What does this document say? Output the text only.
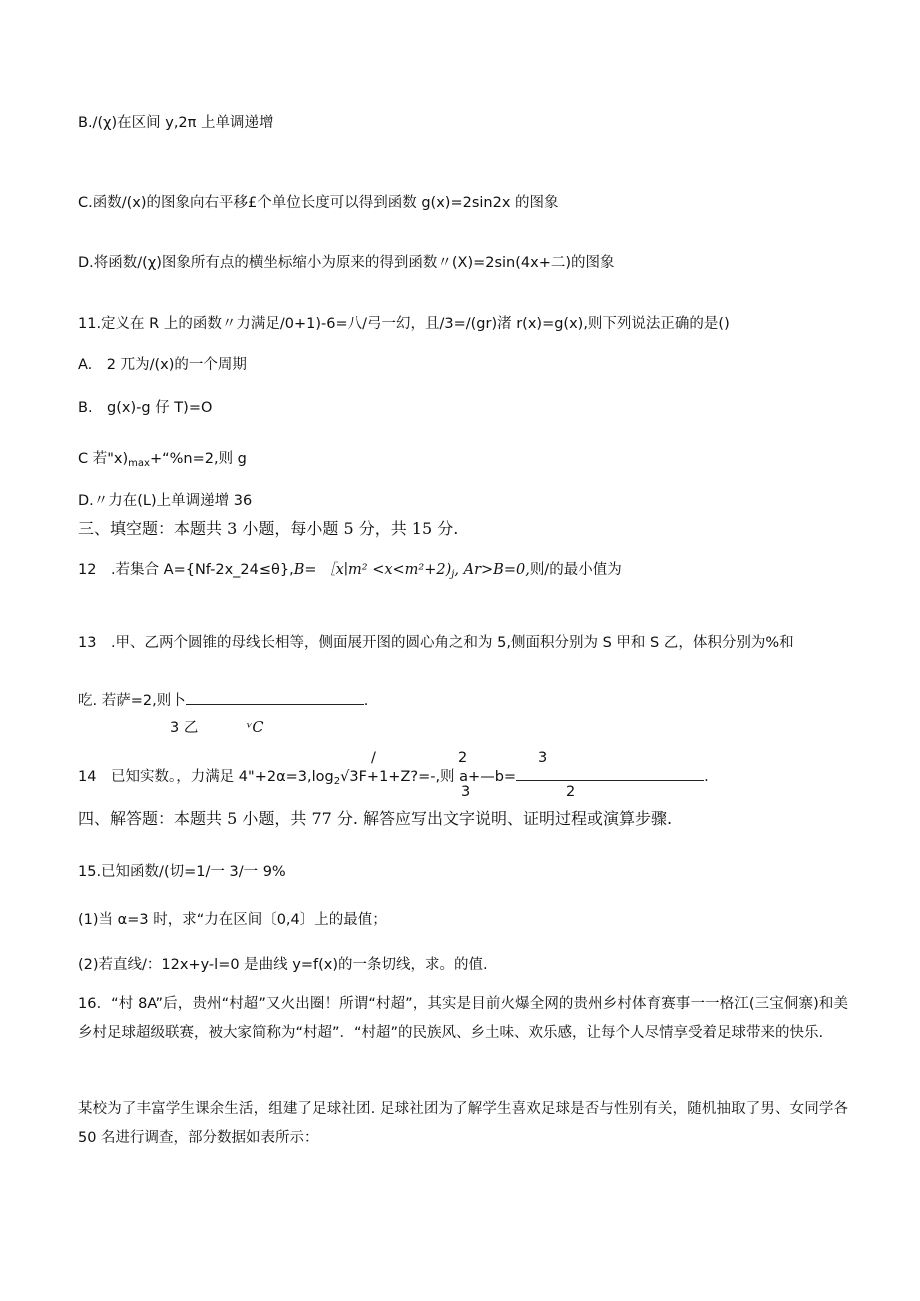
B./(χ)在区间 y,2π 上单调递增
C.函数/(x)的图象向右平移£个单位长度可以得到函数 g(x)=2sin2x 的图象
D.将函数/(χ)图象所有点的横坐标缩小为原来的得到函数〃(X)=2sin(4x+二)的图象
11.定义在 R 上的函数〃力满足/0+1)-6=八/弓一幻，且/3=/(gr)渚 r(x)=g(x),则下列说法正确的是()
A.　2 兀为/(x)的一个周期
B.　g(x)-g 仔 T)=O
C 若"$x)_{max}+“\%n=2$,则 g
D.〃力在(L)上单调递增 36
三、填空题：本题共 3 小题，每小题 5 分，共 15 分.
12　.若集合 A={Nf-2x_24≤θ},B= ［x∣m² $<x<m^2+2)_j$, Ar>B=0,则/的最小值为
13　.甲、乙两个圆锥的母线长相等，侧面展开图的圆心角之和为 5,侧面积分别为 S 甲和 S 乙，体积分别为%和
吃. 若萨=2,则卜	.
3 乙	ᵛC
/	2	3
14　已知实数。，力满足 $4"+2\alpha=3,\log_2√3F+1+Z?=-$,则 a+—b=	.
3	2
四、解答题：本题共 5 小题，共 77 分. 解答应写出文字说明、证明过程或演算步骤.
15.已知函数/(切=1/一 3/一 9%
(1)当 α=3 时，求“力在区间〔0,4〕上的最值；
(2)若直线/：12x+y-l=0 是曲线 y=f(x)的一条切线，求。的值.
16．“村 8A”后，贵州“村超”又火出圈！所谓“村超”，其实是目前火爆全网的贵州乡村体育赛事一一格江(三宝侗寨)和美乡村足球超级联赛，被大家简称为“村超”．“村超”的民族风、乡土味、欢乐感，让每个人尽情享受着足球带来的快乐.
某校为了丰富学生课余生活，组建了足球社团. 足球社团为了解学生喜欢足球是否与性别有关，随机抽取了男、女同学各 50 名进行调查，部分数据如表所示：
